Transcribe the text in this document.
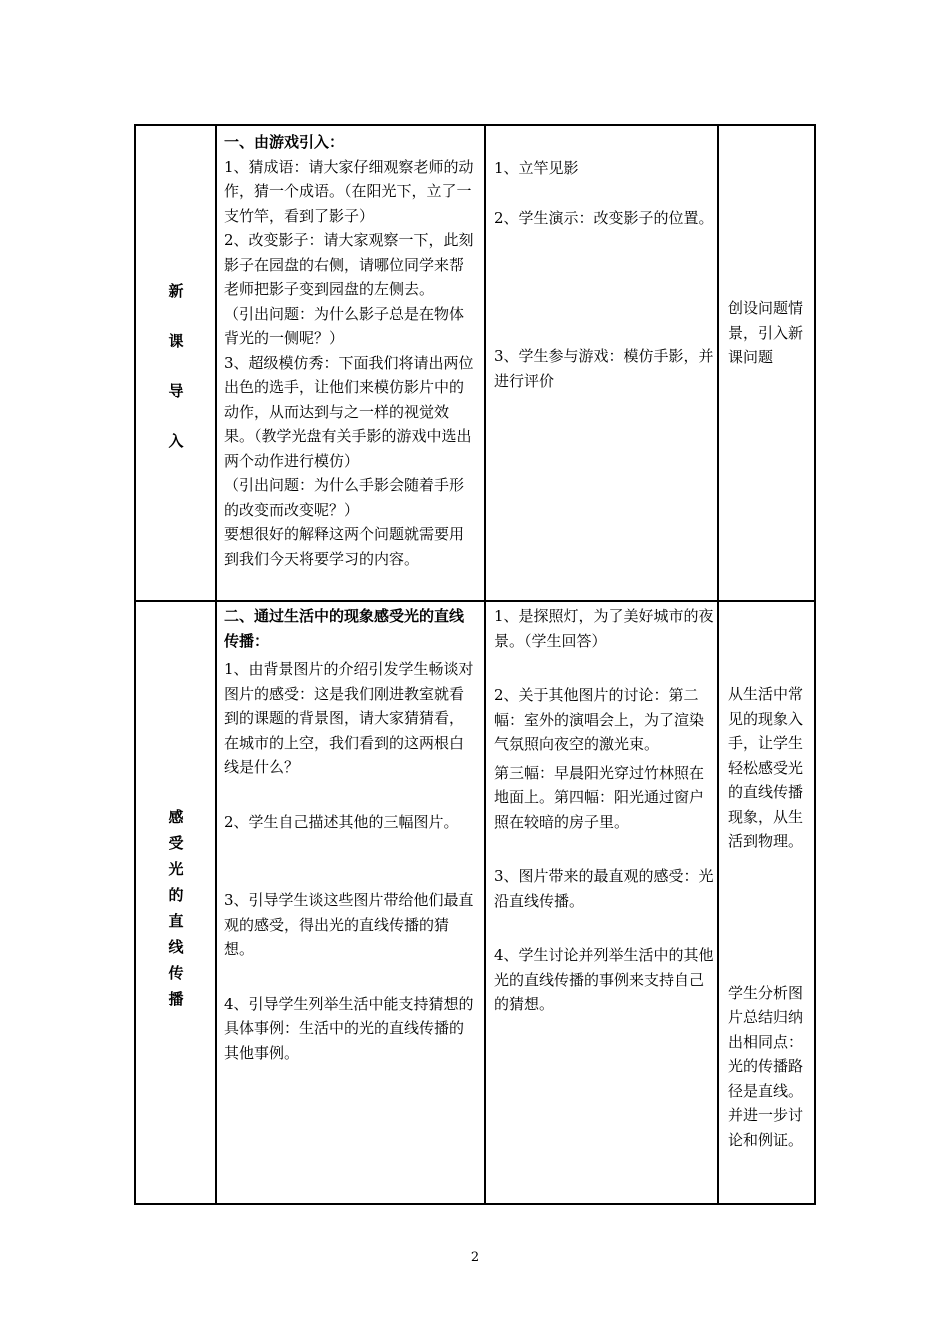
新
课
导
入

一、由游戏引入：

1、猜成语：请大家仔细观察老师的动作，猜一个成语。（在阳光下，立了一支竹竿，看到了影子）

2、改变影子：请大家观察一下，此刻影子在园盘的右侧，请哪位同学来帮老师把影子变到园盘的左侧去。

（引出问题：为什么影子总是在物体背光的一侧呢？）

3、超级模仿秀：下面我们将请出两位出色的选手，让他们来模仿影片中的动作，从而达到与之一样的视觉效果。（教学光盘有关手影的游戏中选出两个动作进行模仿）

（引出问题：为什么手影会随着手形的改变而改变呢？）

要想很好的解释这两个问题就需要用到我们今天将要学习的内容。

1、立竿见影

2、学生演示：改变影子的位置。

3、学生参与游戏：模仿手影，并进行评价

创设问题情景，引入新课问题

感
受
光
的
直
线
传
播

二、通过生活中的现象感受光的直线传播：

1、由背景图片的介绍引发学生畅谈对图片的感受：这是我们刚进教室就看到的课题的背景图，请大家猜猜看，在城市的上空，我们看到的这两根白线是什么？

2、学生自己描述其他的三幅图片。

3、引导学生谈这些图片带给他们最直观的感受，得出光的直线传播的猜想。

4、引导学生列举生活中能支持猜想的具体事例：生活中的光的直线传播的其他事例。

1、是探照灯，为了美好城市的夜景。（学生回答）

2、关于其他图片的讨论：第二幅：室外的演唱会上，为了渲染气氛照向夜空的激光束。

第三幅：早晨阳光穿过竹林照在地面上。第四幅：阳光通过窗户照在较暗的房子里。

3、图片带来的最直观的感受：光沿直线传播。

4、学生讨论并列举生活中的其他光的直线传播的事例来支持自己的猜想。

从生活中常见的现象入手，让学生轻松感受光的直线传播现象，从生活到物理。

学生分析图片总结归纳出相同点：光的传播路径是直线。并进一步讨论和例证。

2
